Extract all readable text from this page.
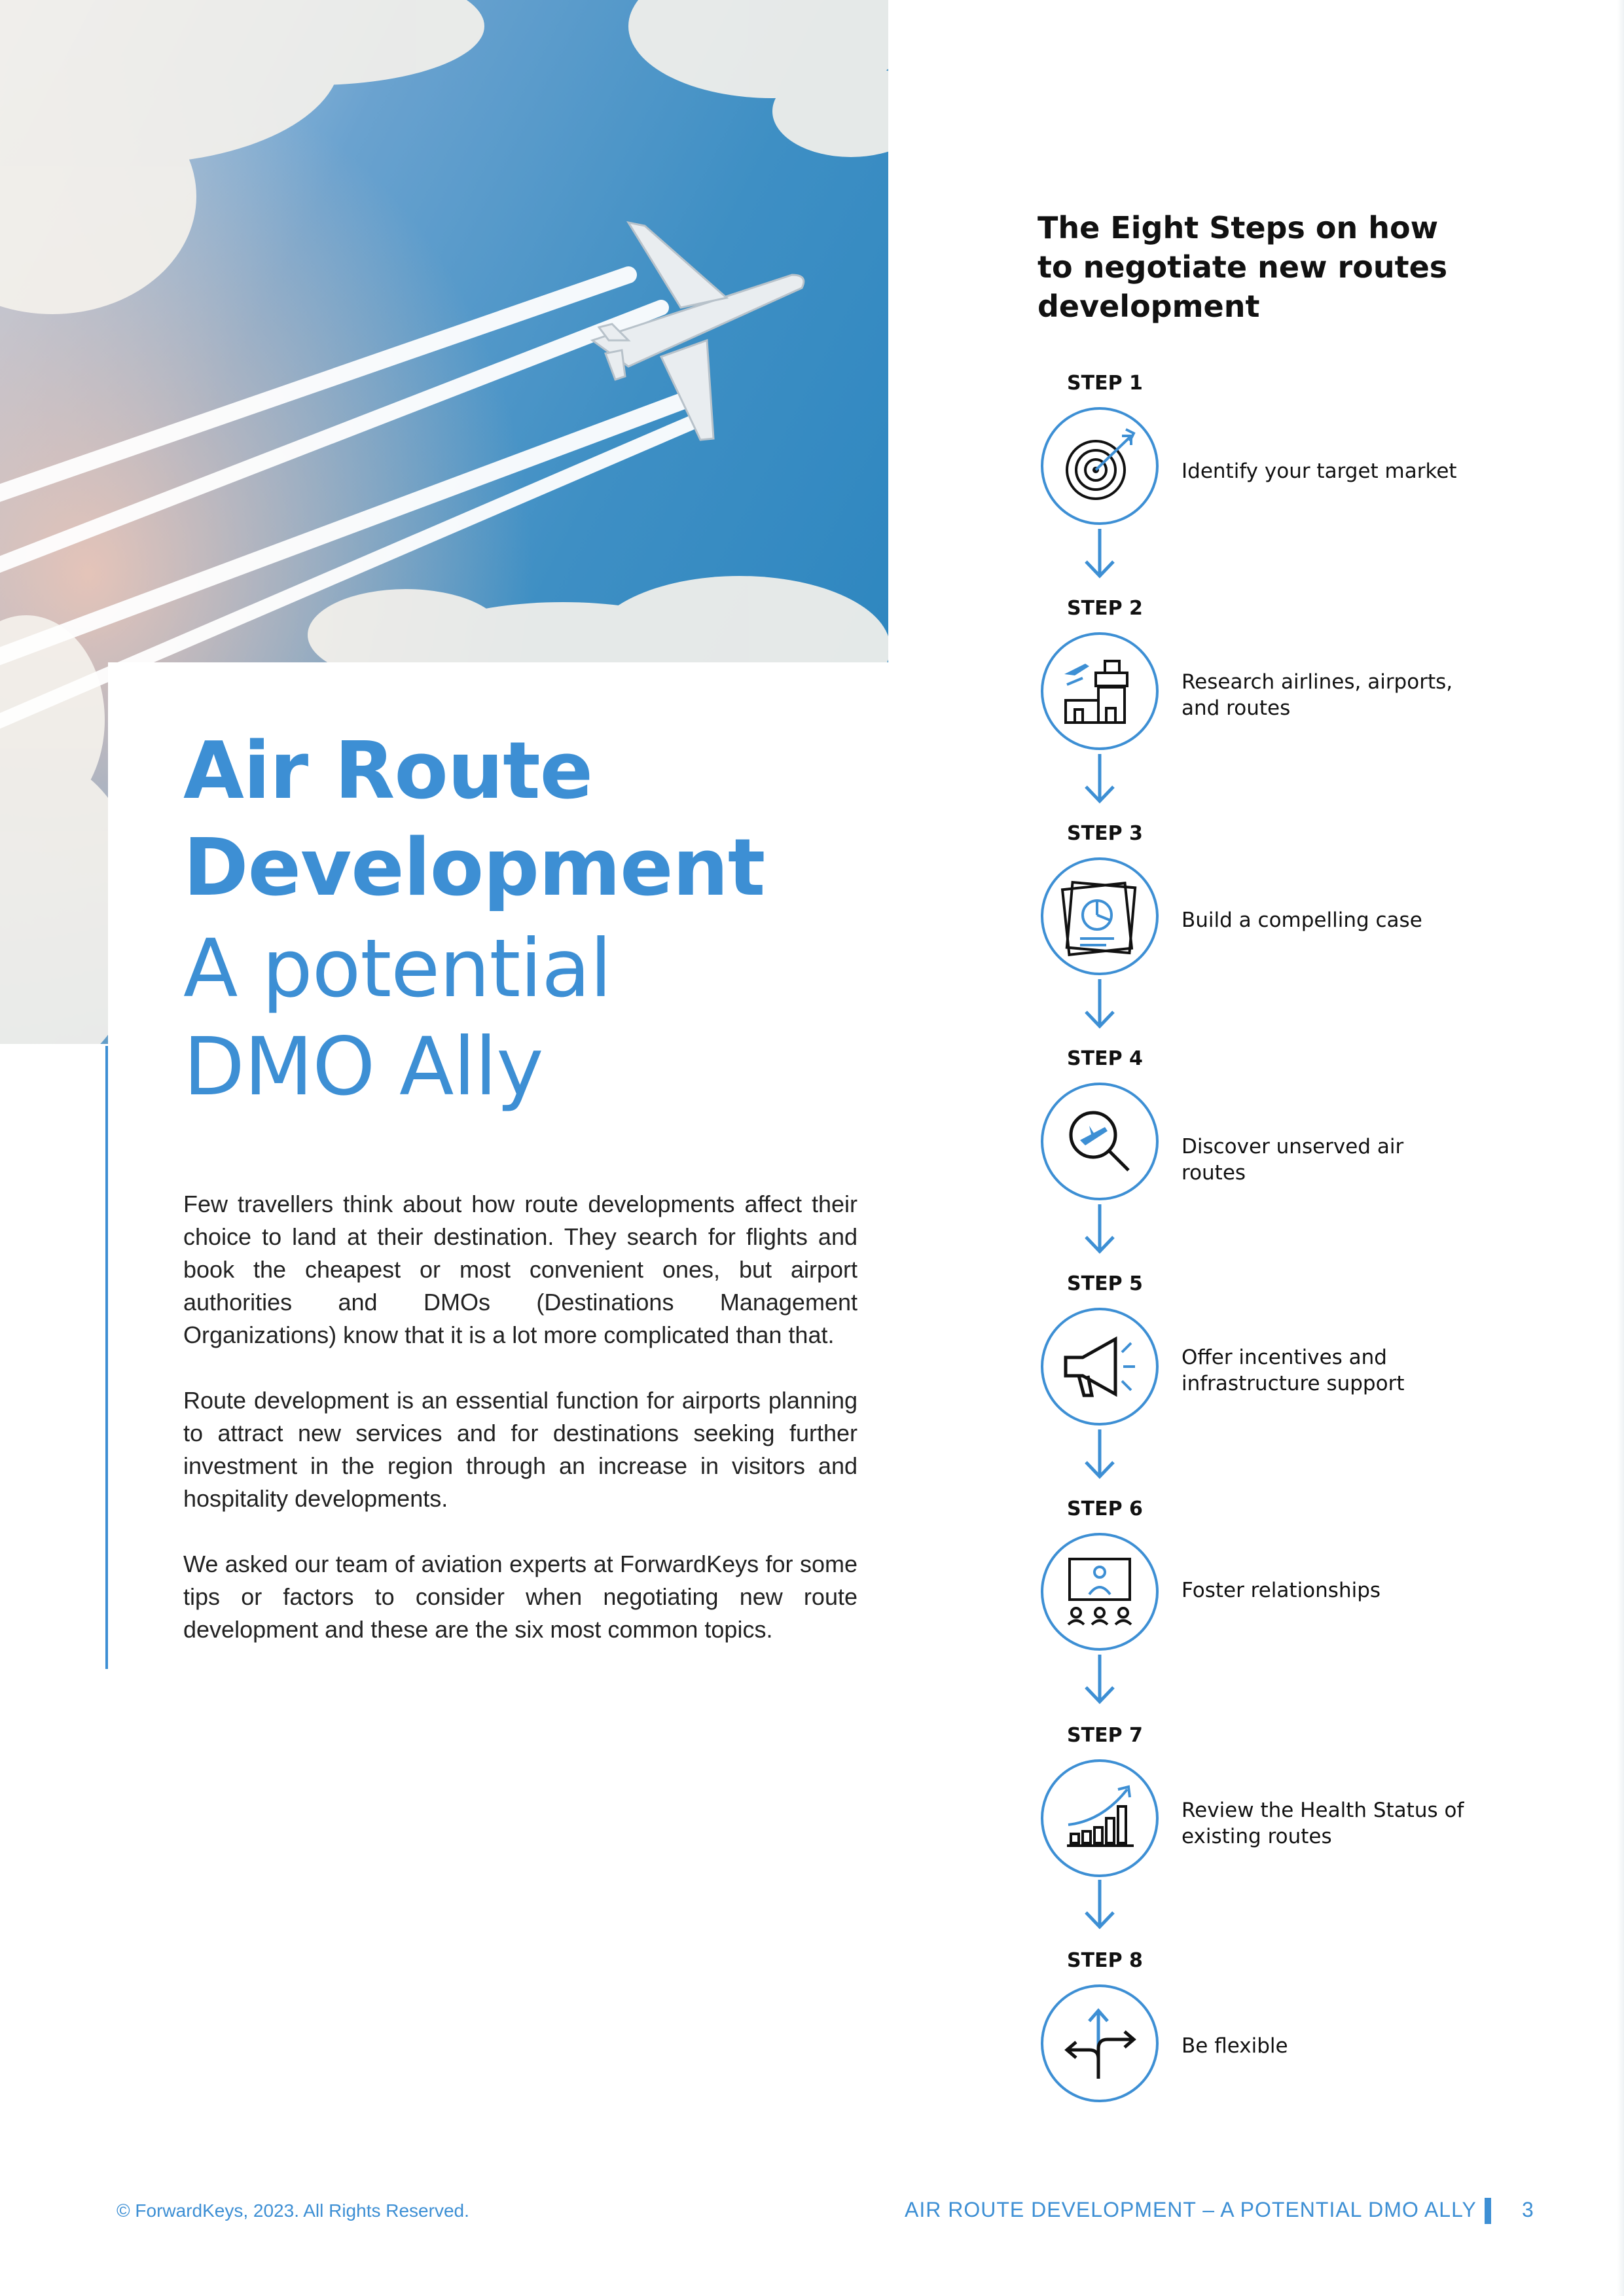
Air Route
Development
A potential
DMO Ally

Few travellers think about how route developments affect their choice to land at their destination. They search for flights and book the cheapest or most convenient ones, but airport authorities and DMOs (Destinations Management Organizations) know that it is a lot more complicated than that.

Route development is an essential function for airports planning to attract new services and for destinations seeking further investment in the region through an increase in visitors and hospitality developments.

We asked our team of aviation experts at ForwardKeys for some tips or factors to consider when negotiating new route development and these are the six most common topics.

The Eight Steps on how to negotiate new routes development
STEP 1
Identify your target market
STEP 2
Research airlines, airports, and routes
STEP 3
Build a compelling case
STEP 4
Discover unserved air routes
STEP 5
Offer incentives and infrastructure support
STEP 6
Foster relationships
STEP 7
Review the Health Status of existing routes
STEP 8
Be flexible
© ForwardKeys, 2023. All Rights Reserved.	AIR ROUTE DEVELOPMENT – A POTENTIAL DMO ALLY 3
